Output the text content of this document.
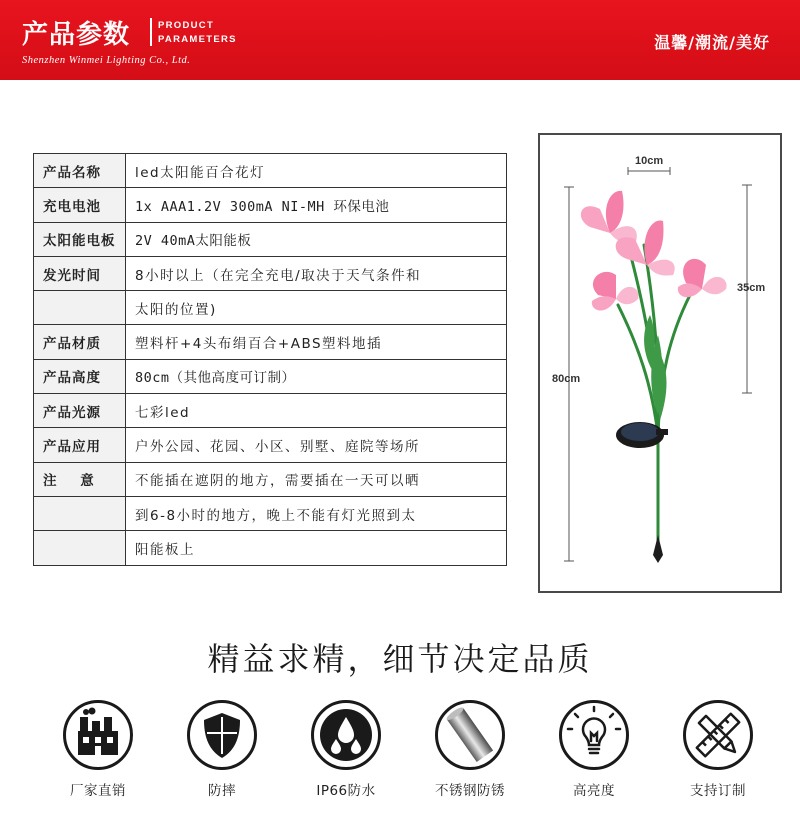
产品参数	PRODUCT
PARAMETERS
Shenzhen Winmei Lighting Co., Ltd.
温馨/潮流/美好
产品名称	led太阳能百合花灯
充电电池	1x AAA1.2V 300mA NI-MH 环保电池
太阳能电板	2V 40mA太阳能板
发光时间	8小时以上（在完全充电/取决于天气条件和
	太阳的位置)
产品材质	塑料杆+4头布绢百合+ABS塑料地插
产品高度	80cm（其他高度可订制）
产品光源	七彩led
产品应用	户外公园、花园、小区、别墅、庭院等场所
注    意	不能插在遮阴的地方，需要插在一天可以晒
	到6-8小时的地方，晚上不能有灯光照到太
	阳能板上
10cm
35cm
80cm
精益求精，细节决定品质
厂家直销	防摔	IP66防水	不锈钢防锈	高亮度	支持订制
